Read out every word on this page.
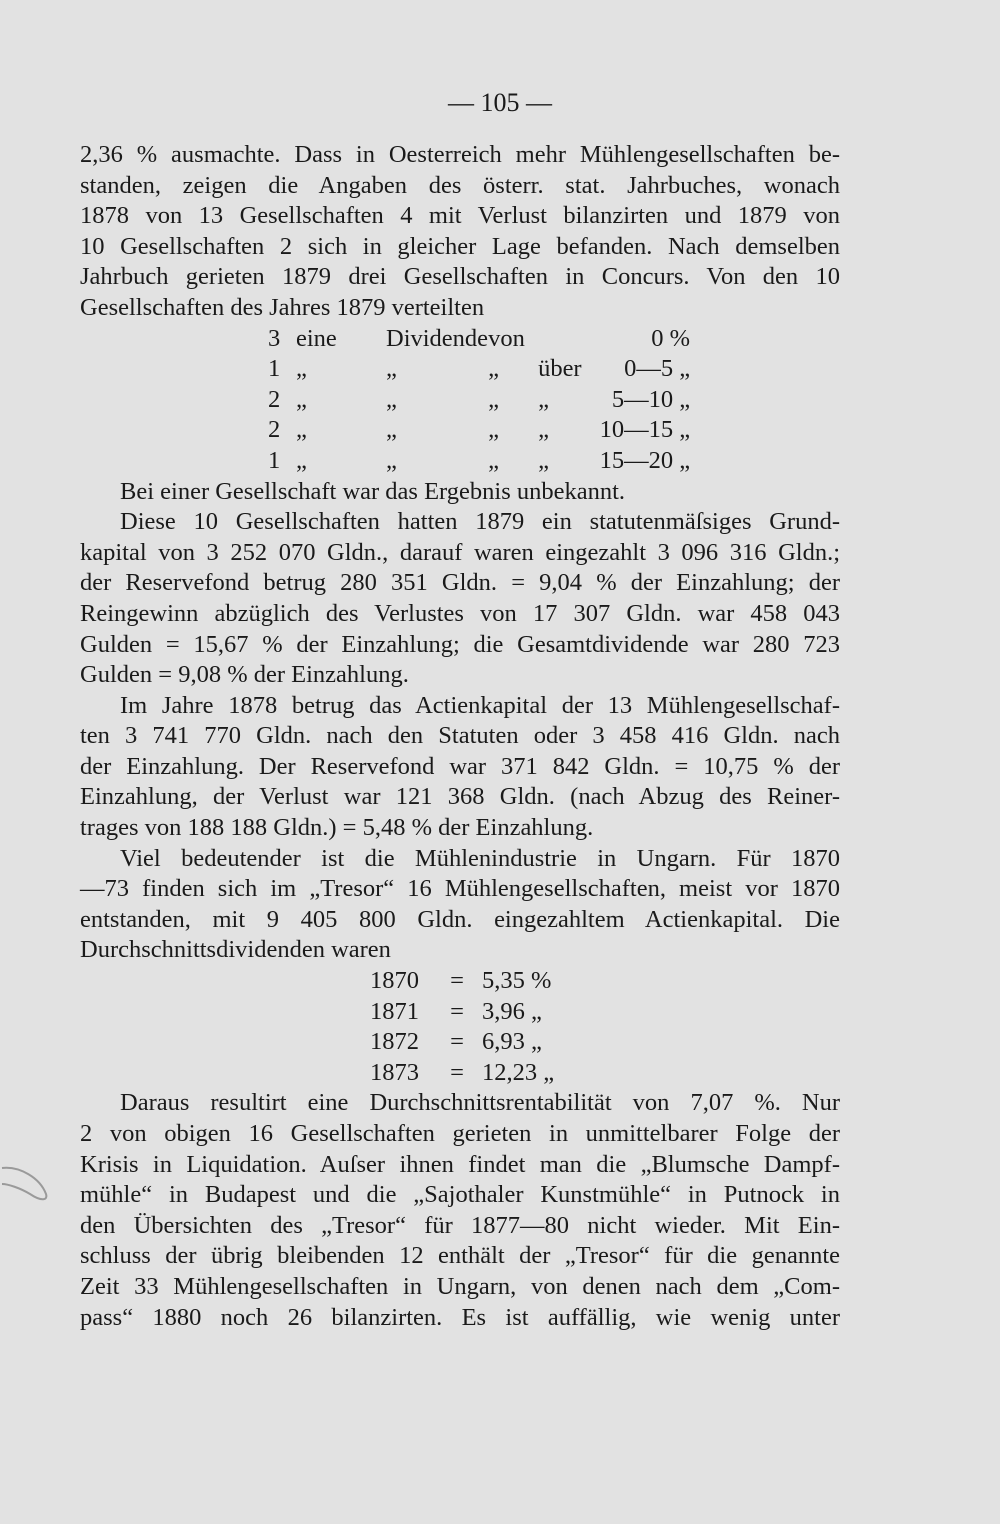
— 105 —
2,36 % ausmachte. Dass in Oesterreich mehr Mühlengesellschaften be-
standen, zeigen die Angaben des österr. stat. Jahrbuches, wonach
1878 von 13 Gesellschaften 4 mit Verlust bilanzirten und 1879 von
10 Gesellschaften 2 sich in gleicher Lage befanden. Nach demselben
Jahrbuch gerieten 1879 drei Gesellschaften in Concurs. Von den 10
Gesellschaften des Jahres 1879 verteilten
3	eine	Dividende	von		0 %
1	„	„	„	über	0—5 „
2	„	„	„	„	5—10 „
2	„	„	„	„	10—15 „
1	„	„	„	„	15—20 „
Bei einer Gesellschaft war das Ergebnis unbekannt.
Diese 10 Gesellschaften hatten 1879 ein statutenmäſsiges Grund-
kapital von 3 252 070 Gldn., darauf waren eingezahlt 3 096 316 Gldn.;
der Reservefond betrug 280 351 Gldn. = 9,04 % der Einzahlung; der
Reingewinn abzüglich des Verlustes von 17 307 Gldn. war 458 043
Gulden = 15,67 % der Einzahlung; die Gesamtdividende war 280 723
Gulden = 9,08 % der Einzahlung.
Im Jahre 1878 betrug das Actienkapital der 13 Mühlengesellschaf-
ten 3 741 770 Gldn. nach den Statuten oder 3 458 416 Gldn. nach
der Einzahlung. Der Reservefond war 371 842 Gldn. = 10,75 % der
Einzahlung, der Verlust war 121 368 Gldn. (nach Abzug des Reiner-
trages von 188 188 Gldn.) = 5,48 % der Einzahlung.
Viel bedeutender ist die Mühlenindustrie in Ungarn. Für 1870
—73 finden sich im „Tresor“ 16 Mühlengesellschaften, meist vor 1870
entstanden, mit 9 405 800 Gldn. eingezahltem Actienkapital. Die
Durchschnittsdividenden waren
1870	=	5,35 %
1871	=	3,96 „
1872	=	6,93 „
1873	=	12,23 „
Daraus resultirt eine Durchschnittsrentabilität von 7,07 %. Nur
2 von obigen 16 Gesellschaften gerieten in unmittelbarer Folge der
Krisis in Liquidation. Auſser ihnen findet man die „Blumsche Dampf-
mühle“ in Budapest und die „Sajothaler Kunstmühle“ in Putnock in
den Übersichten des „Tresor“ für 1877—80 nicht wieder. Mit Ein-
schluss der übrig bleibenden 12 enthält der „Tresor“ für die genannte
Zeit 33 Mühlengesellschaften in Ungarn, von denen nach dem „Com-
pass“ 1880 noch 26 bilanzirten. Es ist auffällig, wie wenig unter
